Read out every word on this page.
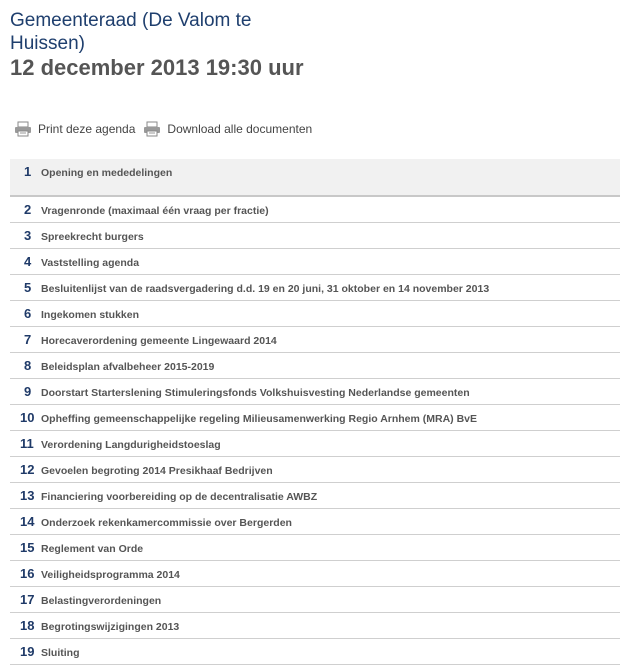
Gemeenteraad (De Valom te Huissen)
12 december 2013 19:30 uur
Print deze agenda	Download alle documenten
1 Opening en mededelingen
2 Vragenronde (maximaal één vraag per fractie)
3 Spreekrecht burgers
4 Vaststelling agenda
5 Besluitenlijst van de raadsvergadering d.d. 19 en 20 juni, 31 oktober en 14 november 2013
6 Ingekomen stukken
7 Horecaverordening gemeente Lingewaard 2014
8 Beleidsplan afvalbeheer 2015-2019
9 Doorstart Starterslening Stimuleringsfonds Volkshuisvesting Nederlandse gemeenten
10 Opheffing gemeenschappelijke regeling Milieusamenwerking Regio Arnhem (MRA) BvE
11 Verordening Langdurigheidstoeslag
12 Gevoelen begroting 2014 Presikhaaf Bedrijven
13 Financiering voorbereiding op de decentralisatie AWBZ
14 Onderzoek rekenkamercommissie over Bergerden
15 Reglement van Orde
16 Veiligheidsprogramma 2014
17 Belastingverordeningen
18 Begrotingswijzigingen 2013
19 Sluiting
